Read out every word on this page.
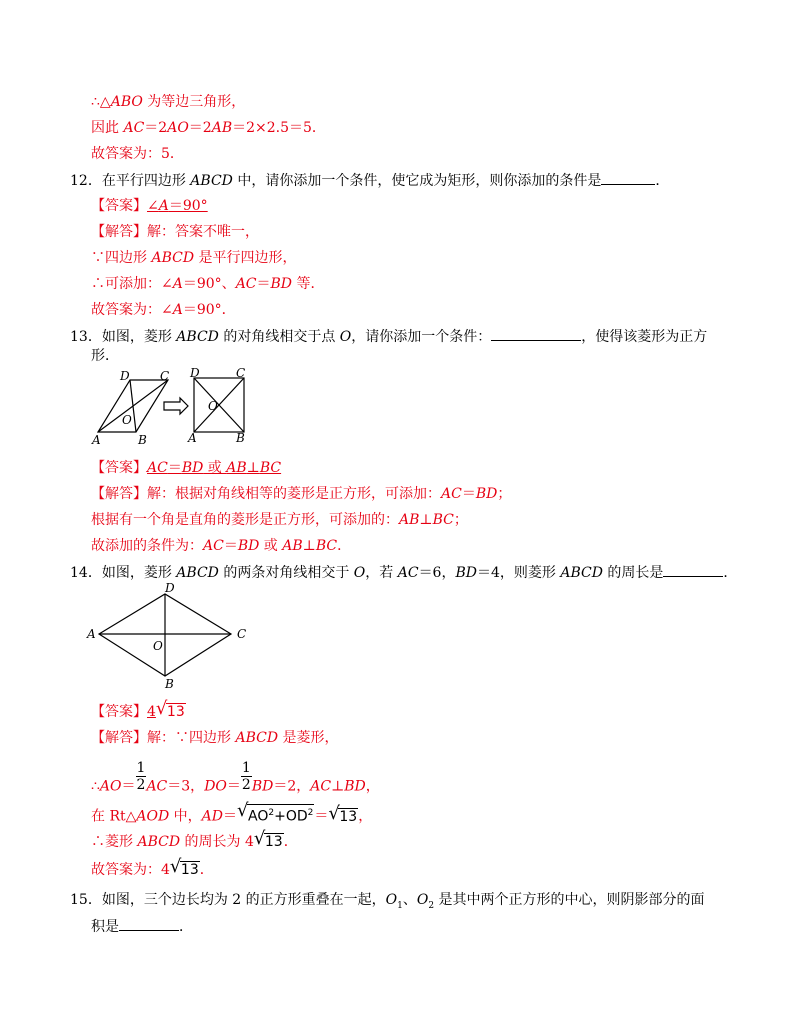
∴△ABO 为等边三角形，
因此 AC＝2AO＝2AB＝2×2.5＝5．
故答案为：5．
12．在平行四边形 ABCD 中，请你添加一个条件，使它成为矩形，则你添加的条件是	．
【答案】∠A＝90°
【解答】解：答案不唯一，
∵四边形 ABCD 是平行四边形，
∴可添加：∠A＝90°、AC＝BD 等．
故答案为：∠A＝90°．
13．如图，菱形 ABCD 的对角线相交于点 O，请你添加一个条件：	，使得该菱形为正方
形．
D	C
O
A	B
D	C
O
A	B
【答案】AC＝BD 或 AB⊥BC
【解答】解：根据对角线相等的菱形是正方形，可添加：AC＝BD；
根据有一个角是直角的菱形是正方形，可添加的：AB⊥BC；
故添加的条件为：AC＝BD 或 AB⊥BC．
14．如图，菱形 ABCD 的两条对角线相交于 O，若 AC＝6，BD＝4，则菱形 ABCD 的周长是	．
D
A	C
O
B
【答案】4√ 13
【解答】解：∵四边形 ABCD 是菱形，
∴AO＝ $\frac{1}{2} AC=3$，$DO= \frac{1}{2} BD=2$，AC⊥BD，
在 Rt△AOD 中，AD＝√ $AO^2+OD^2=√$ 13，
∴菱形 ABCD 的周长为 4√ 13．
故答案为：4√ 13．
15．如图，三个边长均为 2 的正方形重叠在一起，$O_1$、$O_2$ 是其中两个正方形的中心，则阴影部分的面
积是	．
